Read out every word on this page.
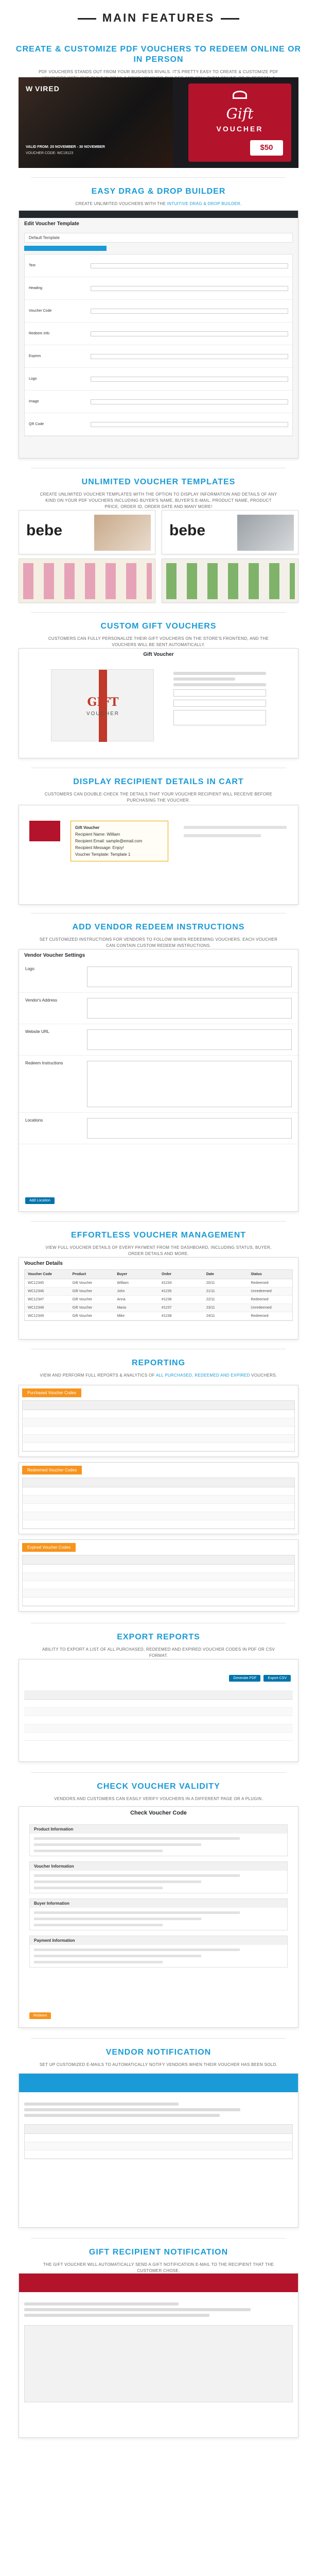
MAIN FEATURES
CREATE & CUSTOMIZE PDF VOUCHERS TO REDEEM ONLINE OR IN PERSON
PDF VOUCHERS STANDS OUT FROM YOUR BUSINESS RIVALS. IT'S PRETTY EASY TO CREATE & CUSTOMIZE PDF
W VIRED
VALID FROM: 20 NOVEMBER - 30 NOVEMBER
VOUCHER CODE: WC19123
Gift
VOUCHER
$50
EASY DRAG & DROP BUILDER
CREATE UNLIMITED VOUCHERS WITH THE INTUITIVE DRAG & DROP BUILDER.
Edit Voucher Template
Default Template
Text
Heading
Voucher Code
Redeem Info
Expires
Logo
Image
QR Code
UNLIMITED VOUCHER TEMPLATES
CREATE UNLIMITED VOUCHER TEMPLATES WITH THE OPTION TO DISPLAY INFORMATION AND DETAILS OF ANY KIND ON YOUR PDF VOUCHERS INCLUDING BUYER'S NAME, BUYER'S E-MAIL, PRODUCT NAME, PRODUCT PRICE, ORDER ID, ORDER DATE AND MANY MORE!
bebe	bebe
CUSTOM GIFT VOUCHERS
CUSTOMERS CAN FULLY PERSONALIZE THEIR GIFT VOUCHERS ON THE STORE'S FRONTEND, AND THE VOUCHERS WILL BE SENT AUTOMATICALLY.
Gift Voucher
GIFT
VOUCHER
DISPLAY RECIPIENT DETAILS IN CART
CUSTOMERS CAN DOUBLE-CHECK THE DETAILS THAT YOUR VOUCHER RECIPIENT WILL RECEIVE BEFORE PURCHASING THE VOUCHER.
Gift Voucher
Recipient Name: William
Recipient Email: sample@email.com
Recipient Message: Enjoy!
Voucher Template: Template 1
ADD VENDOR REDEEM INSTRUCTIONS
SET CUSTOMIZED INSTRUCTIONS FOR VENDORS TO FOLLOW WHEN REDEEMING VOUCHERS. EACH VOUCHER CAN CONTAIN CUSTOM REDEEM INSTRUCTIONS.
Vendor Voucher Settings
Logo
Vendor's Address
Website URL
Redeem Instructions
Locations
Add Location
EFFORTLESS VOUCHER MANAGEMENT
VIEW FULL VOUCHER DETAILS OF EVERY PAYMENT FROM THE DASHBOARD, INCLUDING STATUS, BUYER, ORDER DETAILS AND MORE.
Voucher Details
Voucher Code	Product	Buyer	Order	Date	Status
WC12345	Gift Voucher	William	#1234	20/11	Redeemed
WC12346	Gift Voucher	John	#1235	21/11	Unredeemed
WC12347	Gift Voucher	Anna	#1236	22/11	Redeemed
WC12348	Gift Voucher	Maria	#1237	23/11	Unredeemed
WC12349	Gift Voucher	Mike	#1238	24/11	Redeemed
REPORTING
VIEW AND PERFORM FULL REPORTS & ANALYTICS OF ALL PURCHASED, REDEEMED AND EXPIRED VOUCHERS.
Purchased Voucher Codes
Redeemed Voucher Codes
Expired Voucher Codes
EXPORT REPORTS
ABILITY TO EXPORT A LIST OF ALL PURCHASED, REDEEMED AND EXPIRED VOUCHER CODES IN PDF OR CSV FORMAT.
Generate PDF	Export CSV
CHECK VOUCHER VALIDITY
VENDORS AND CUSTOMERS CAN EASILY VERIFY VOUCHERS IN A DIFFERENT PAGE OR A PLUGIN.
Check Voucher Code
Product Information
Voucher Information
Buyer Information
Payment Information
Redeem
VENDOR NOTIFICATION
SET UP CUSTOMIZED E-MAILS TO AUTOMATICALLY NOTIFY VENDORS WHEN THEIR VOUCHER HAS BEEN SOLD.
GIFT RECIPIENT NOTIFICATION
THE GIFT VOUCHER WILL AUTOMATICALLY SEND A GIFT NOTIFICATION E-MAIL TO THE RECIPIENT THAT THE CUSTOMER CHOSE.
